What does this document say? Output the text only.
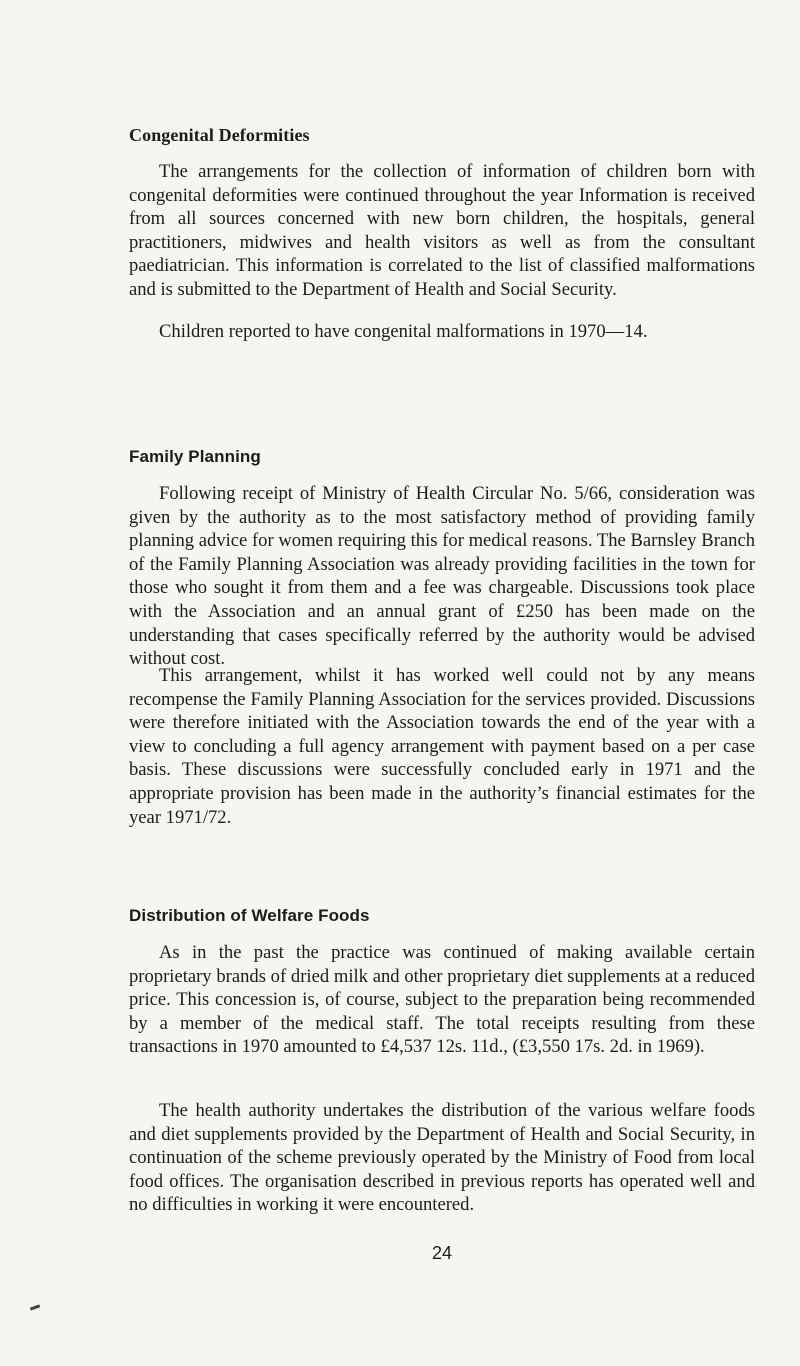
Congenital Deformities

The arrangements for the collection of information of children born with congenital deformities were continued throughout the year Information is received from all sources concerned with new born children, the hospitals, general practitioners, midwives and health visitors as well as from the consultant paediatrician. This information is correlated to the list of classified malformations and is submitted to the Department of Health and Social Security.

Children reported to have congenital malformations in 1970—14.

Family Planning

Following receipt of Ministry of Health Circular No. 5/66, consideration was given by the authority as to the most satisfactory method of providing family planning advice for women requiring this for medical reasons. The Barnsley Branch of the Family Planning Association was already providing facilities in the town for those who sought it from them and a fee was chargeable. Discussions took place with the Association and an annual grant of £250 has been made on the understanding that cases specifically referred by the authority would be advised without cost.

This arrangement, whilst it has worked well could not by any means recompense the Family Planning Association for the services provided. Discussions were therefore initiated with the Association towards the end of the year with a view to concluding a full agency arrangement with payment based on a per case basis. These discussions were successfully concluded early in 1971 and the appropriate provision has been made in the authority’s financial estimates for the year 1971/72.

Distribution of Welfare Foods

As in the past the practice was continued of making available certain proprietary brands of dried milk and other proprietary diet supplements at a reduced price. This concession is, of course, subject to the preparation being recommended by a member of the medical staff. The total receipts resulting from these transactions in 1970 amounted to £4,537 12s. 11d., (£3,550 17s. 2d. in 1969).

The health authority undertakes the distribution of the various welfare foods and diet supplements provided by the Department of Health and Social Security, in continuation of the scheme previously operated by the Ministry of Food from local food offices. The organisation described in previous reports has operated well and no difficulties in working it were encountered.

24
